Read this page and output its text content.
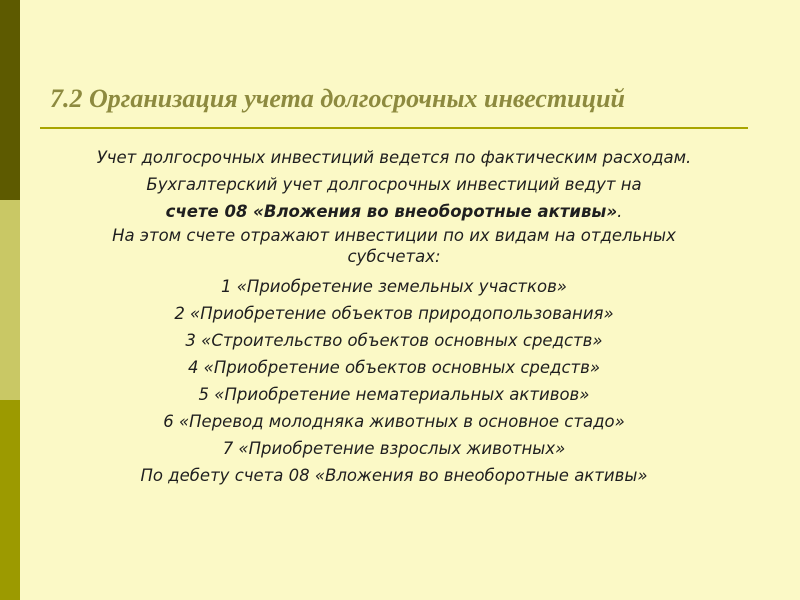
7.2 Организация учета долгосрочных инвестиций
Учет долгосрочных инвестиций ведется по фактическим расходам.
Бухгалтерский учет долгосрочных инвестиций ведут на
счете 08 «Вложения во внеоборотные активы».
На этом счете отражают инвестиции по их видам на отдельных
субсчетах:
1 «Приобретение земельных участков»
2 «Приобретение объектов природопользования»
3 «Строительство объектов основных средств»
4 «Приобретение объектов основных средств»
5 «Приобретение нематериальных активов»
6 «Перевод молодняка животных в основное стадо»
7 «Приобретение взрослых животных»
По дебету счета 08 «Вложения во внеоборотные активы»
